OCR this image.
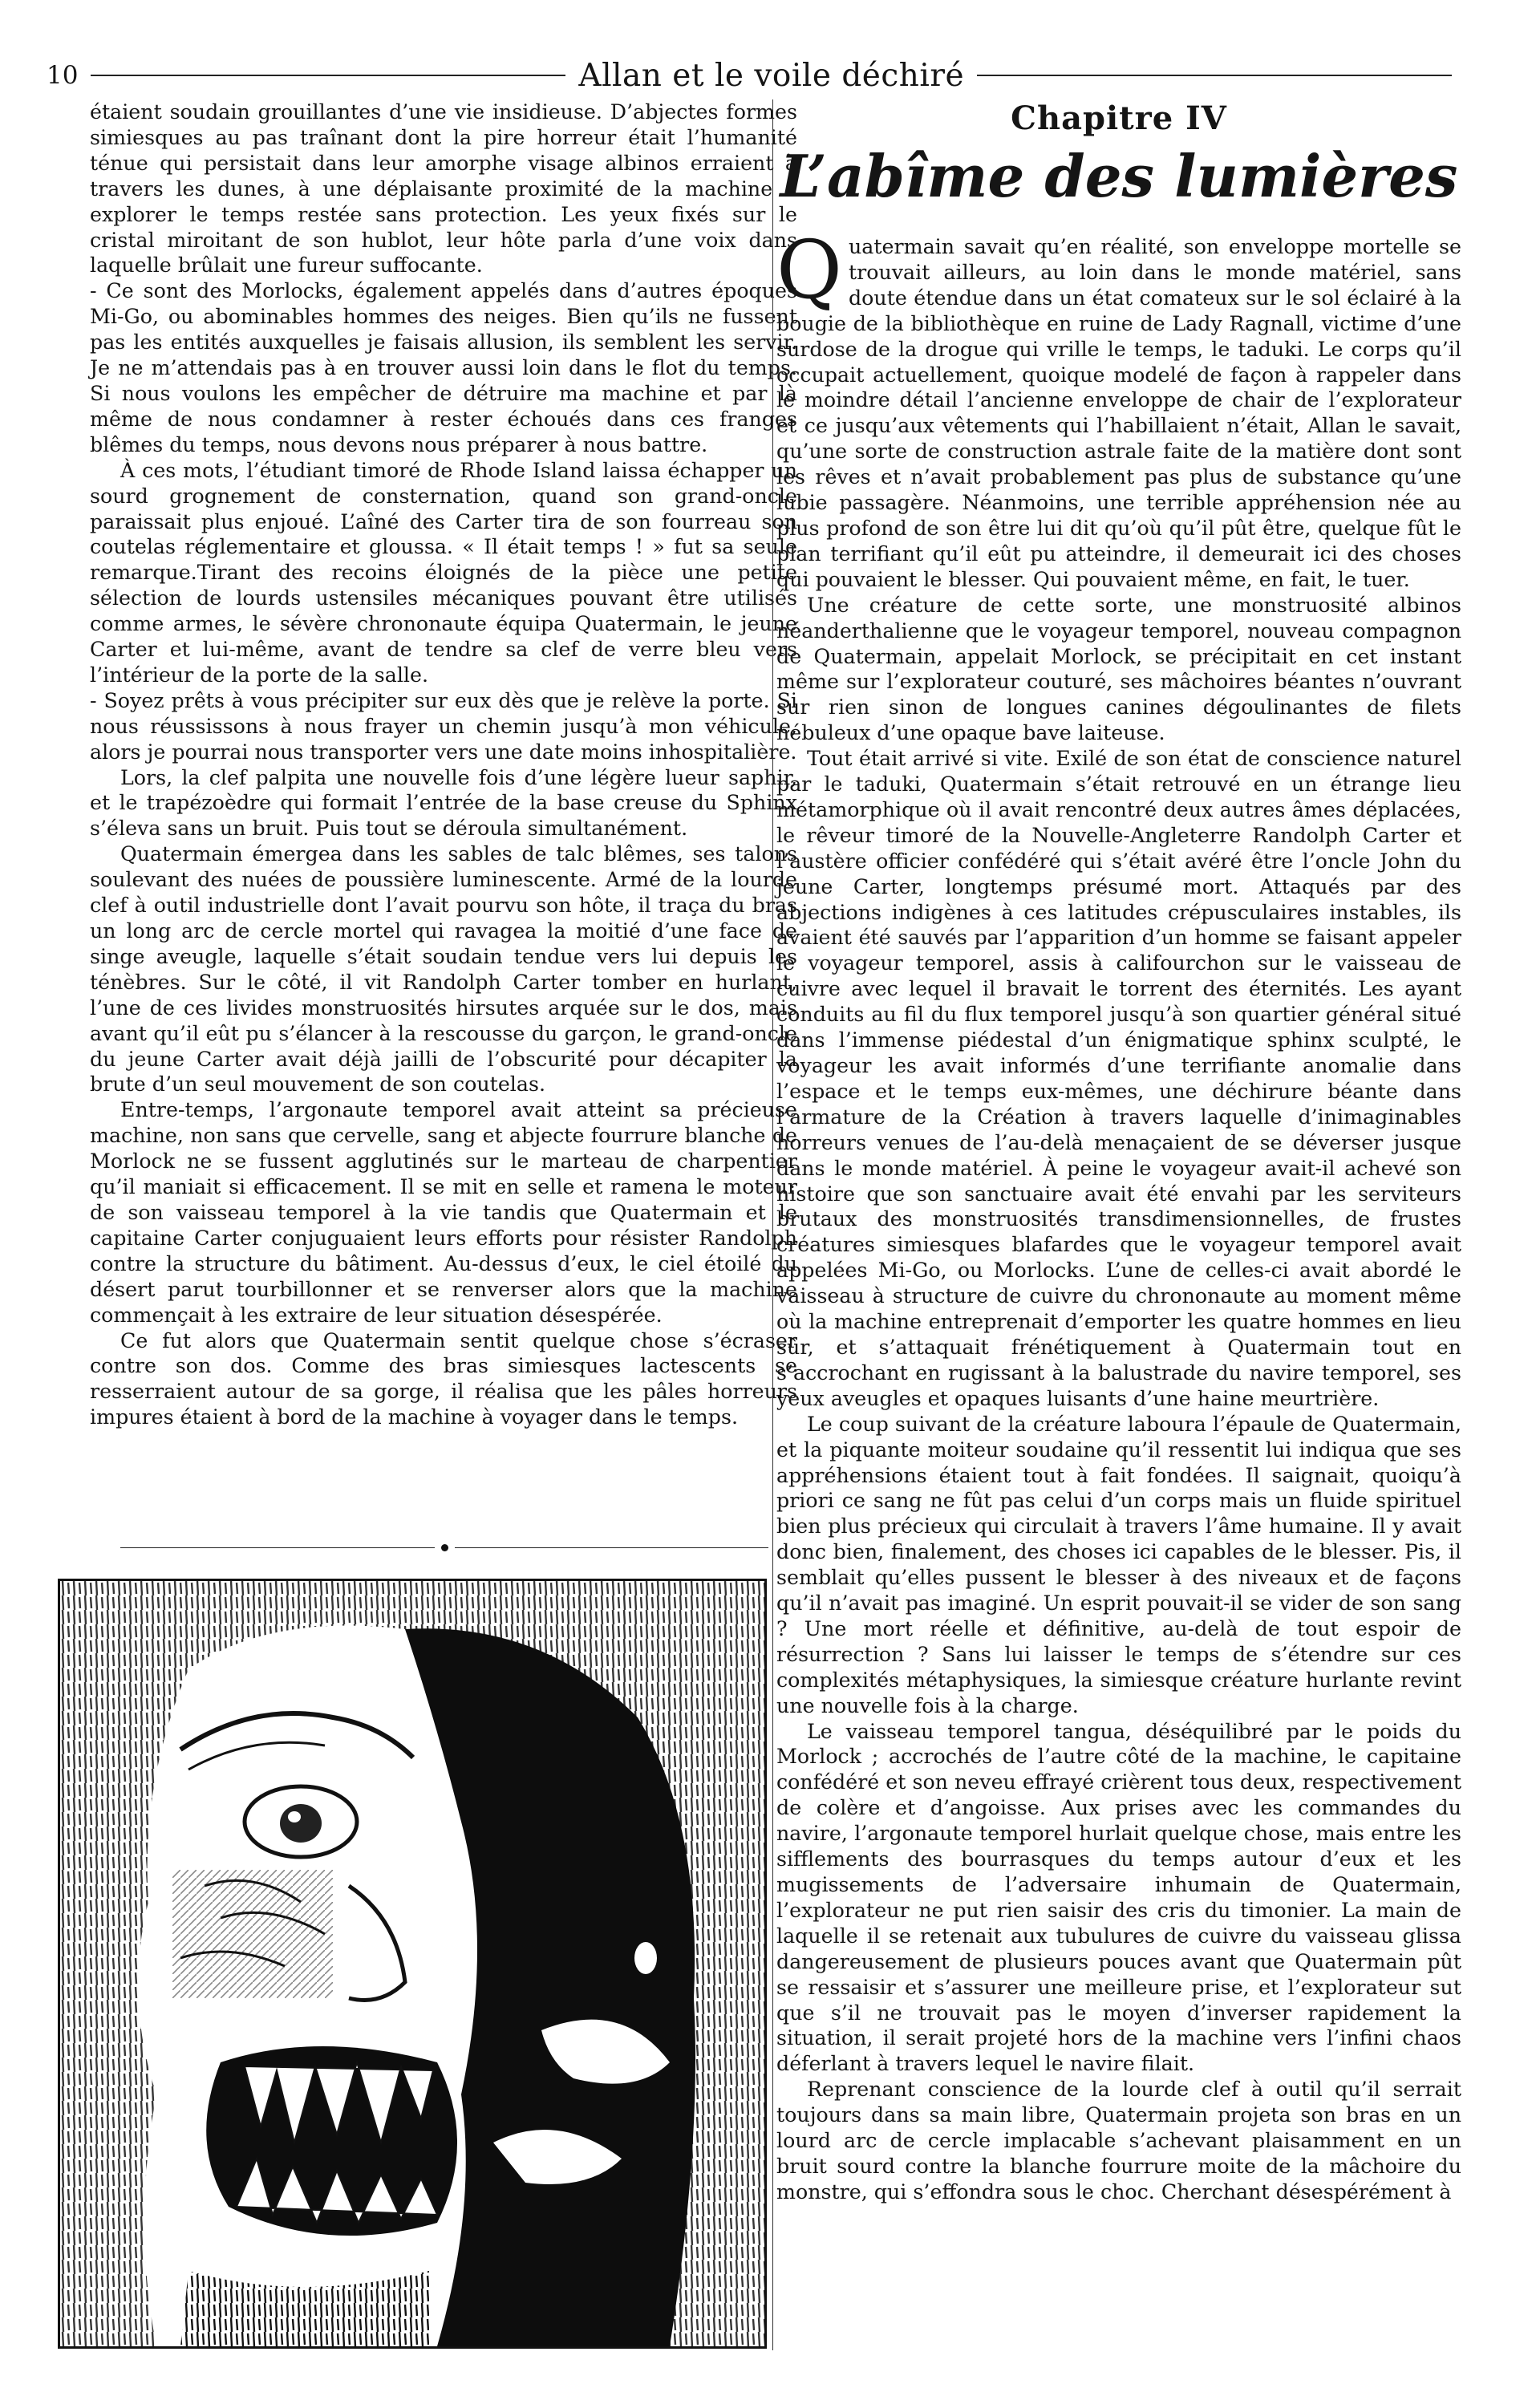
10	Allan et le voile déchiré

étaient soudain grouillantes d’une vie insidieuse. D’abjectes formes simiesques au pas traînant dont la pire horreur était l’humanité ténue qui persistait dans leur amorphe visage albinos erraient à travers les dunes, à une déplaisante proximité de la machine à explorer le temps restée sans protection. Les yeux fixés sur le cristal miroitant de son hublot, leur hôte parla d’une voix dans laquelle brûlait une fureur suffocante.

- Ce sont des Morlocks, également appelés dans d’autres époques Mi-Go, ou abominables hommes des neiges. Bien qu’ils ne fussent pas les entités auxquelles je faisais allusion, ils semblent les servir. Je ne m’attendais pas à en trouver aussi loin dans le flot du temps. Si nous voulons les empêcher de détruire ma machine et par là même de nous condamner à rester échoués dans ces franges blêmes du temps, nous devons nous préparer à nous battre.

À ces mots, l’étudiant timoré de Rhode Island laissa échapper un sourd grognement de consternation, quand son grand-oncle paraissait plus enjoué. L’aîné des Carter tira de son fourreau son coutelas réglementaire et gloussa. « Il était temps ! » fut sa seule remarque.Tirant des recoins éloignés de la pièce une petite sélection de lourds ustensiles mécaniques pouvant être utilisés comme armes, le sévère chrononaute équipa Quatermain, le jeune Carter et lui-même, avant de tendre sa clef de verre bleu vers l’intérieur de la porte de la salle.

- Soyez prêts à vous précipiter sur eux dès que je relève la porte. Si nous réussissons à nous frayer un chemin jusqu’à mon véhicule, alors je pourrai nous transporter vers une date moins inhospitalière.

Lors, la clef palpita une nouvelle fois d’une légère lueur saphir, et le trapézoèdre qui formait l’entrée de la base creuse du Sphinx s’éleva sans un bruit. Puis tout se déroula simultanément.

Quatermain émergea dans les sables de talc blêmes, ses talons soulevant des nuées de poussière luminescente. Armé de la lourde clef à outil industrielle dont l’avait pourvu son hôte, il traça du bras un long arc de cercle mortel qui ravagea la moitié d’une face de singe aveugle, laquelle s’était soudain tendue vers lui depuis les ténèbres. Sur le côté, il vit Randolph Carter tomber en hurlant, l’une de ces livides monstruosités hirsutes arquée sur le dos, mais avant qu’il eût pu s’élancer à la rescousse du garçon, le grand-oncle du jeune Carter avait déjà jailli de l’obscurité pour décapiter la brute d’un seul mouvement de son coutelas.

Entre-temps, l’argonaute temporel avait atteint sa précieuse machine, non sans que cervelle, sang et abjecte fourrure blanche de Morlock ne se fussent agglutinés sur le marteau de charpentier qu’il maniait si efficacement. Il se mit en selle et ramena le moteur de son vaisseau temporel à la vie tandis que Quatermain et le capitaine Carter conjuguaient leurs efforts pour résister Randolph contre la structure du bâtiment. Au-dessus d’eux, le ciel étoilé du désert parut tourbillonner et se renverser alors que la machine commençait à les extraire de leur situation désespérée.

Ce fut alors que Quatermain sentit quelque chose s’écraser contre son dos. Comme des bras simiesques lactescents se resserraient autour de sa gorge, il réalisa que les pâles horreurs impures étaient à bord de la machine à voyager dans le temps.

Chapitre IV
L’abîme des lumières

Quatermain savait qu’en réalité, son enveloppe mortelle se trouvait ailleurs, au loin dans le monde matériel, sans doute étendue dans un état comateux sur le sol éclairé à la bougie de la bibliothèque en ruine de Lady Ragnall, victime d’une surdose de la drogue qui vrille le temps, le taduki. Le corps qu’il occupait actuellement, quoique modelé de façon à rappeler dans le moindre détail l’ancienne enveloppe de chair de l’explorateur et ce jusqu’aux vêtements qui l’habillaient n’était, Allan le savait, qu’une sorte de construction astrale faite de la matière dont sont les rêves et n’avait probablement pas plus de substance qu’une lubie passagère. Néanmoins, une terrible appréhension née au plus profond de son être lui dit qu’où qu’il pût être, quelque fût le plan terrifiant qu’il eût pu atteindre, il demeurait ici des choses qui pouvaient le blesser. Qui pouvaient même, en fait, le tuer.

Une créature de cette sorte, une monstruosité albinos néanderthalienne que le voyageur temporel, nouveau compagnon de Quatermain, appelait Morlock, se précipitait en cet instant même sur l’explorateur couturé, ses mâchoires béantes n’ouvrant sur rien sinon de longues canines dégoulinantes de filets nébuleux d’une opaque bave laiteuse.

Tout était arrivé si vite. Exilé de son état de conscience naturel par le taduki, Quatermain s’était retrouvé en un étrange lieu métamorphique où il avait rencontré deux autres âmes déplacées, le rêveur timoré de la Nouvelle-Angleterre Randolph Carter et l’austère officier confédéré qui s’était avéré être l’oncle John du jeune Carter, longtemps présumé mort. Attaqués par des abjections indigènes à ces latitudes crépusculaires instables, ils avaient été sauvés par l’apparition d’un homme se faisant appeler le voyageur temporel, assis à califourchon sur le vaisseau de cuivre avec lequel il bravait le torrent des éternités. Les ayant conduits au fil du flux temporel jusqu’à son quartier général situé dans l’immense piédestal d’un énigmatique sphinx sculpté, le voyageur les avait informés d’une terrifiante anomalie dans l’espace et le temps eux-mêmes, une déchirure béante dans l’armature de la Création à travers laquelle d’inimaginables horreurs venues de l’au-delà menaçaient de se déverser jusque dans le monde matériel. À peine le voyageur avait-il achevé son histoire que son sanctuaire avait été envahi par les serviteurs brutaux des monstruosités transdimensionnelles, de frustes créatures simiesques blafardes que le voyageur temporel avait appelées Mi-Go, ou Morlocks. L’une de celles-ci avait abordé le vaisseau à structure de cuivre du chrononaute au moment même où la machine entreprenait d’emporter les quatre hommes en lieu sûr, et s’attaquait frénétiquement à Quatermain tout en s’accrochant en rugissant à la balustrade du navire temporel, ses yeux aveugles et opaques luisants d’une haine meurtrière.

Le coup suivant de la créature laboura l’épaule de Quatermain, et la piquante moiteur soudaine qu’il ressentit lui indiqua que ses appréhensions étaient tout à fait fondées. Il saignait, quoiqu’à priori ce sang ne fût pas celui d’un corps mais un fluide spirituel bien plus précieux qui circulait à travers l’âme humaine. Il y avait donc bien, finalement, des choses ici capables de le blesser. Pis, il semblait qu’elles pussent le blesser à des niveaux et de façons qu’il n’avait pas imaginé. Un esprit pouvait-il se vider de son sang ? Une mort réelle et définitive, au-delà de tout espoir de résurrection ? Sans lui laisser le temps de s’étendre sur ces complexités métaphysiques, la simiesque créature hurlante revint une nouvelle fois à la charge.

Le vaisseau temporel tangua, déséquilibré par le poids du Morlock ; accrochés de l’autre côté de la machine, le capitaine confédéré et son neveu effrayé crièrent tous deux, respectivement de colère et d’angoisse. Aux prises avec les commandes du navire, l’argonaute temporel hurlait quelque chose, mais entre les sifflements des bourrasques du temps autour d’eux et les mugissements de l’adversaire inhumain de Quatermain, l’explorateur ne put rien saisir des cris du timonier. La main de laquelle il se retenait aux tubulures de cuivre du vaisseau glissa dangereusement de plusieurs pouces avant que Quatermain pût se ressaisir et s’assurer une meilleure prise, et l’explorateur sut que s’il ne trouvait pas le moyen d’inverser rapidement la situation, il serait projeté hors de la machine vers l’infini chaos déferlant à travers lequel le navire filait.

Reprenant conscience de la lourde clef à outil qu’il serrait toujours dans sa main libre, Quatermain projeta son bras en un lourd arc de cercle implacable s’achevant plaisamment en un bruit sourd contre la blanche fourrure moite de la mâchoire du monstre, qui s’effondra sous le choc. Cherchant désespérément à
